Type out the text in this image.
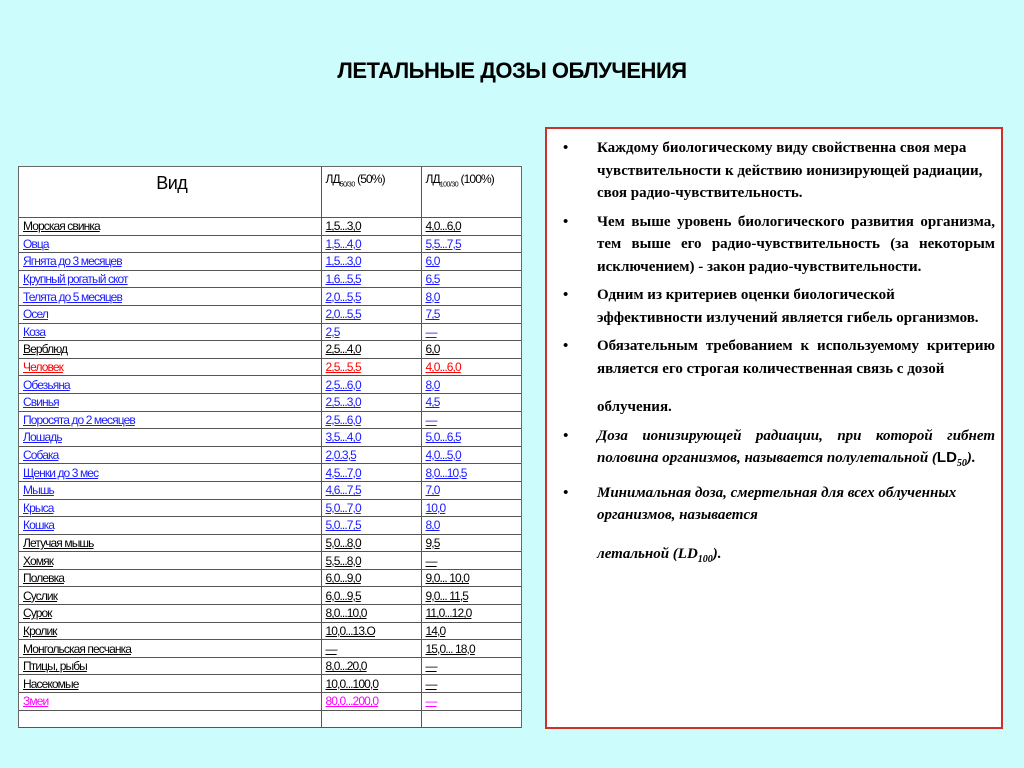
ЛЕТАЛЬНЫЕ ДОЗЫ ОБЛУЧЕНИЯ
Вид	$ЛД_{50/30}$ (50%)	$ЛД_{100/30}$ (100%)
Морская свинка	1,5...3,0	4,0...6,0
Овца	1,5...4,0	5,5...7,5
Ягнята до 3 месяцев	1,5...3,0	6,0
Крупный рогатый скот	1,6...5,5	6,5
Телята до 5 месяцев	2,0...5,5	8,0
Осел	2,0...5,5	7,5
Коза	2,5	—
Верблюд	2,5...4,0	6,0
Человек	2,5...5,5	4,0...6,0
Обезьяна	2,5...6,0	8,0
Свинья	2,5...3,0	4,5
Поросята до 2 месяцев	2,5...6,0	—
Лошадь	3,5...4,0	5,0...6,5
Собака	2,0.3,5	4,0...5,0
Щенки до 3 мес	4,5...7,0	8,0...10,5
Мышь	4,6...7,5	7,0
Крыса	5,0...7,0	10,0
Кошка	5,0...7,5	8,0
Летучая мышь	5,0...8,0	9,5
Хомяк	5,5...8,0	—
Полевка	6,0...9,0	9,0... 10,0
Суслик	6,0...9,5	9,0... 11,5
Сурок	8,0...10,0	11,0...12,0
Кролик	10,0...13.О	14,0
Монгольская песчанка	—	15,0... 18,0
Птицы, рыбы	8,0...20,0	—
Насекомые	10,0...100,0	—
Змеи	80,0...200,0	—

• Каждому биологическому виду свойственна своя мера чувствительности к действию ионизирующей радиации, своя радио-чувствительность.
• Чем выше уровень биологического развития организма, тем выше его радио-чувствительность (за некоторым исключением) - закон радио-чувствительности.
• Одним из критериев оценки биологической эффективности излучений является гибель организмов.
• Обязательным требованием к используемому критерию является его строгая количественная связь с дозой
облучения.
• Доза ионизирующей радиации, при которой гибнет половина организмов, называется полулетальной $(LD_{50})$.
• Минимальная доза, смертельная для всех облученных организмов, называется
летальной $(LD_{100})$.
